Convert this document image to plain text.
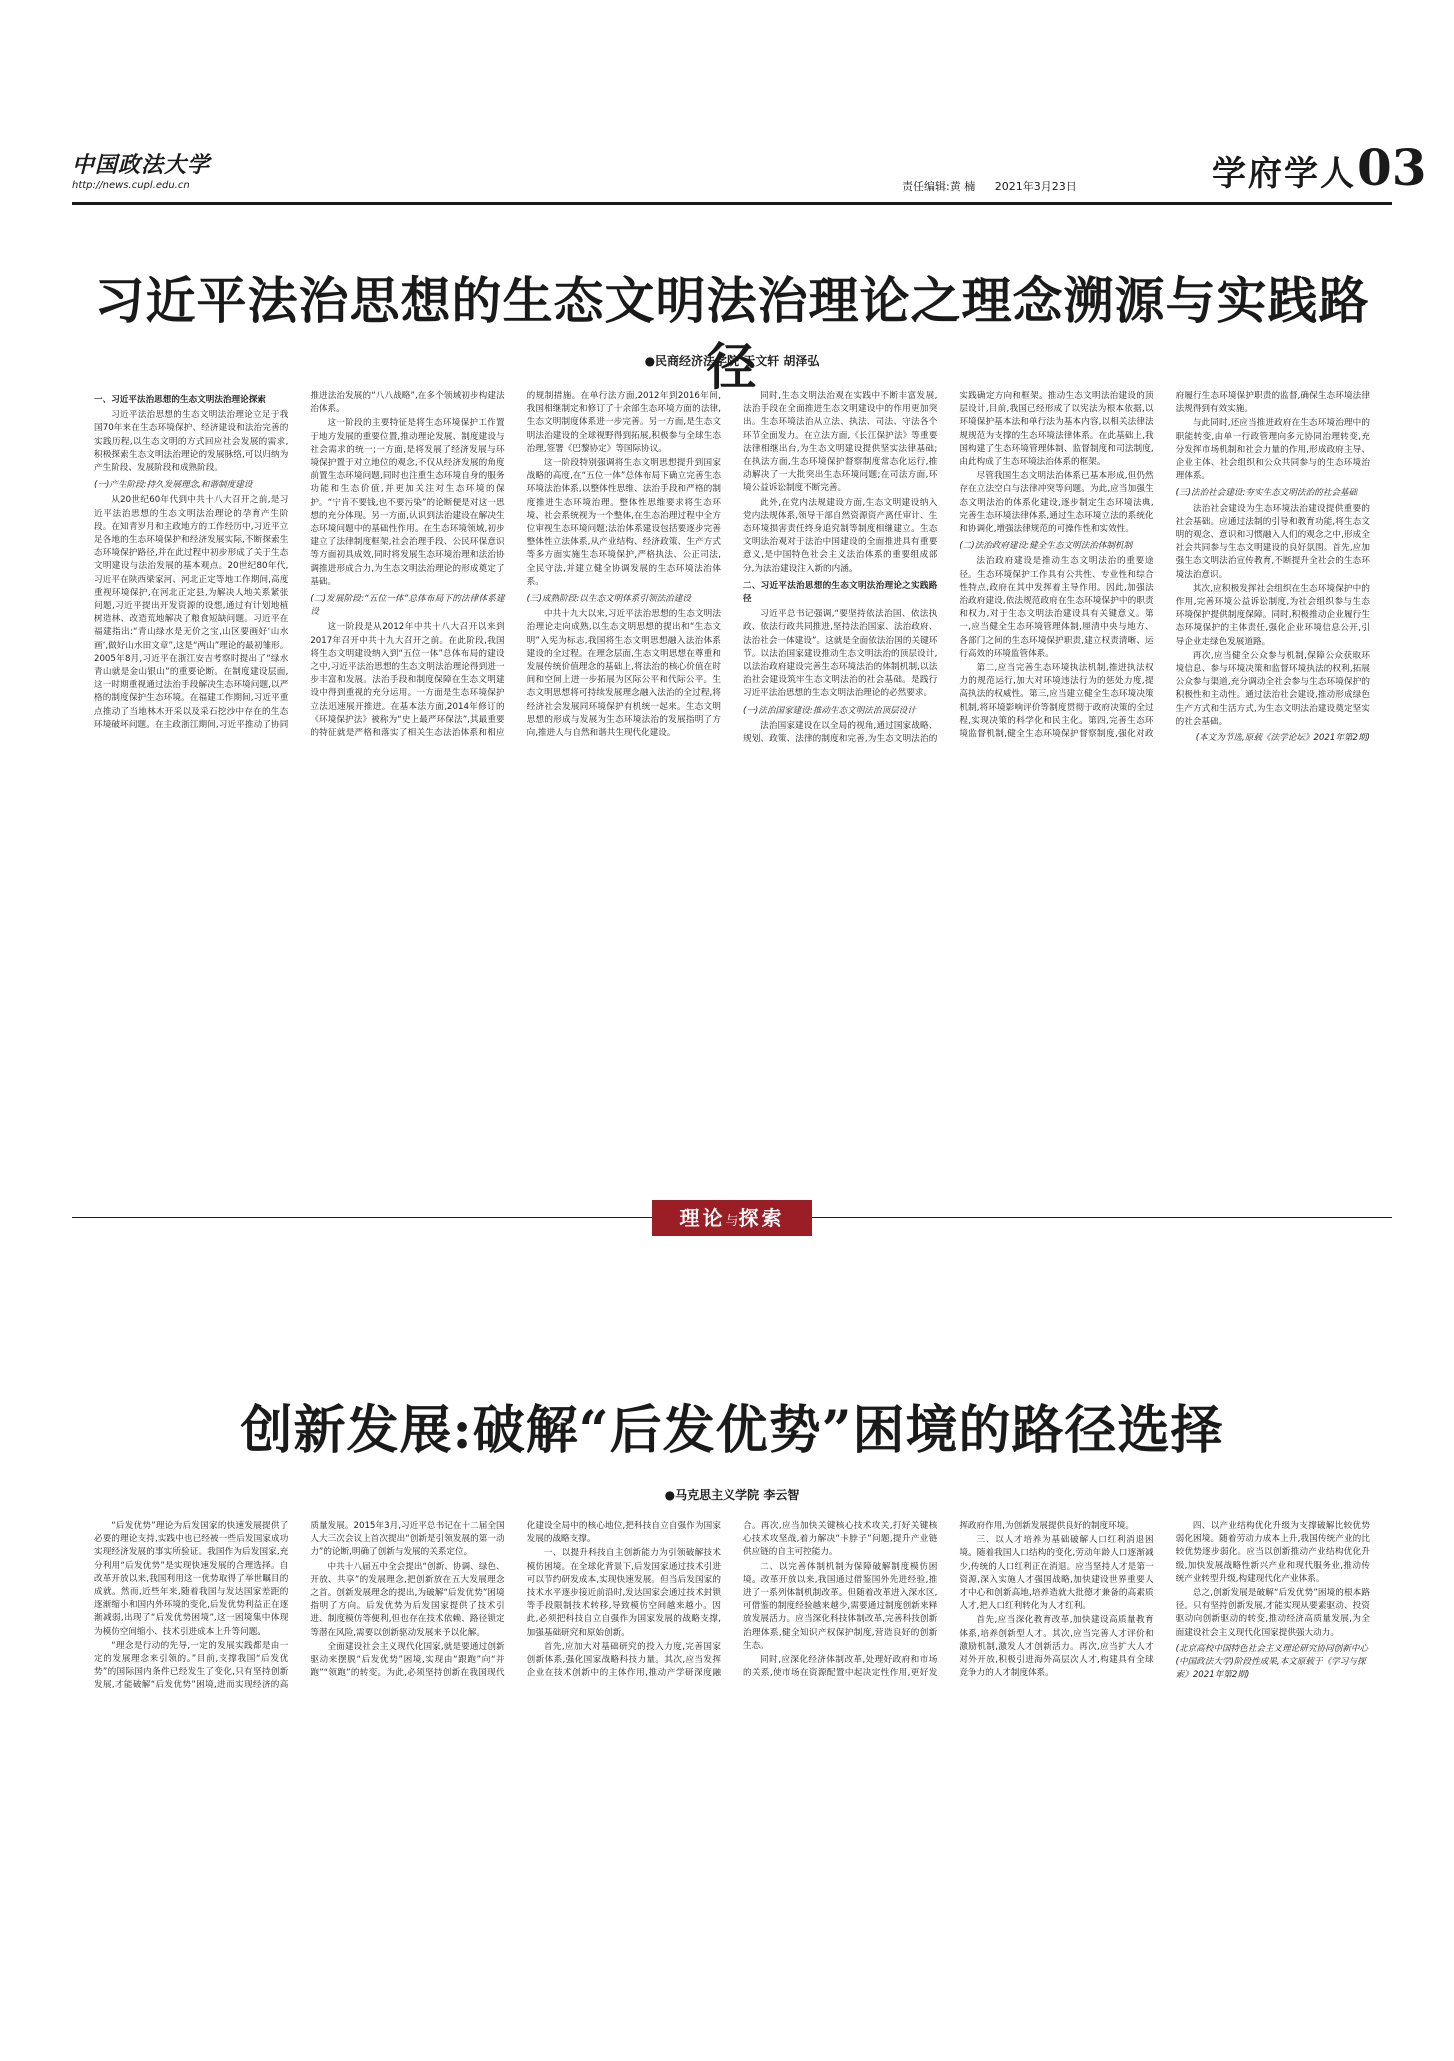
中国政法大学
http://news.cupl.edu.cn	责任编辑:黄 楠 2021年3月23日	学府学人 03
习近平法治思想的生态文明法治理论之理念溯源与实践路径
●民商经济法学院 于文轩 胡泽弘

一、习近平法治思想的生态文明法治理论探索

习近平法治思想的生态文明法治理论立足于我国70年来在生态环境保护、经济建设和法治完善的实践历程,以生态文明的方式回应社会发展的需求,积极探索生态文明法治理论的发展脉络,可以归纳为产生阶段、发展阶段和成熟阶段。

(一)产生阶段:持久发展理念,和谐制度建设

从20世纪60年代到中共十八大召开之前,是习近平法治思想的生态文明法治理论的孕育产生阶段。在知青岁月和主政地方的工作经历中,习近平立足各地的生态环境保护和经济发展实际,不断探索生态环境保护路径,并在此过程中初步形成了关于生态文明建设与法治发展的基本观点。20世纪80年代,习近平在陕西梁家河、河北正定等地工作期间,高度重视环境保护,在河北正定县,为解决人地关系紧张问题,习近平提出开发资源的设想,通过有计划地植树造林、改造荒地解决了粮食短缺问题。习近平在福建指出:“青山绿水是无价之宝,山区要画好‘山水画’,做好山水田文章”,这是“两山”理论的最初雏形。2005年8月,习近平在浙江安吉考察时提出了“绿水青山就是金山银山”的重要论断。在制度建设层面,这一时期重视通过法治手段解决生态环境问题,以严格的制度保护生态环境。在福建工作期间,习近平重点推动了当地林木开采以及采石挖沙中存在的生态环境破坏问题。在主政浙江期间,习近平推动了协同推进法治发展的“八八战略”,在多个领域初步构建法治体系。

这一阶段的主要特征是将生态环境保护工作置于地方发展的重要位置,推动理论发展、制度建设与社会需求的统一;一方面,是将发展了经济发展与环境保护置于对立地位的观念,不仅从经济发展的角度前置生态环境问题,同时也注重生态环境自身的服务功能和生态价值,并更加关注对生态环境的保护。“宁肯不要钱,也不要污染”的论断便是对这一思想的充分体现。另一方面,认识到法治建设在解决生态环境问题中的基础性作用。在生态环境领域,初步建立了法律制度框架,社会治理手段、公民环保意识等方面初具成效,同时将发展生态环境治理和法治协调推进形成合力,为生态文明法治理论的形成奠定了基础。

(二)发展阶段:“五位一体”总体布局下的法律体系建设

这一阶段是从2012年中共十八大召开以来到2017年召开中共十九大召开之前。在此阶段,我国将生态文明建设纳入到“五位一体”总体布局的建设之中,习近平法治思想的生态文明法治理论得到进一步丰富和发展。法治手段和制度保障在生态文明建设中得到重视的充分运用。一方面是生态环境保护立法迅速展开推进。在基本法方面,2014年修订的《环境保护法》被称为“史上最严环保法”,其最重要的特征就是严格和落实了相关生态法治体系和相应的规制措施。在单行法方面,2012年到2016年间,我国相继制定和修订了十余部生态环境方面的法律,生态文明制度体系进一步完善。另一方面,是生态文明法治建设的全球视野得到拓展,积极参与全球生态治理,签署《巴黎协定》等国际协议。

这一阶段特别强调将生态文明思想提升到国家战略的高度,在“五位一体”总体布局下确立完善生态环境法治体系,以整体性思维、法治手段和严格的制度推进生态环境治理。整体性思维要求将生态环境、社会系统视为一个整体,在生态治理过程中全方位审视生态环境问题;法治体系建设包括要逐步完善整体性立法体系,从产业结构、经济政策、生产方式等多方面实施生态环境保护,严格执法、公正司法,全民守法,并建立健全协调发展的生态环境法治体系。

(三)成熟阶段:以生态文明体系引领法治建设

中共十九大以来,习近平法治思想的生态文明法治理论走向成熟,以生态文明思想的提出和“生态文明”入宪为标志,我国将生态文明思想融入法治体系建设的全过程。在理念层面,生态文明思想在尊重和发展传统价值理念的基础上,将法治的核心价值在时间和空间上进一步拓展为区际公平和代际公平。生态文明思想将可持续发展理念融入法治的全过程,将经济社会发展同环境保护有机统一起来。生态文明思想的形成与发展为生态环境法治的发展指明了方向,推进人与自然和谐共生现代化建设。

同时,生态文明法治观在实践中不断丰富发展,法治手段在全面推进生态文明建设中的作用更加突出。生态环境法治从立法、执法、司法、守法各个环节全面发力。在立法方面,《长江保护法》等重要法律相继出台,为生态文明建设提供坚实法律基础;在执法方面,生态环境保护督察制度常态化运行,推动解决了一大批突出生态环境问题;在司法方面,环境公益诉讼制度不断完善。

此外,在党内法规建设方面,生态文明建设纳入党内法规体系,领导干部自然资源资产离任审计、生态环境损害责任终身追究制等制度相继建立。生态文明法治观对于法治中国建设的全面推进具有重要意义,是中国特色社会主义法治体系的重要组成部分,为法治建设注入新的内涵。

二、习近平法治思想的生态文明法治理论之实践路径

习近平总书记强调,“要坚持依法治国、依法执政、依法行政共同推进,坚持法治国家、法治政府、法治社会一体建设”。这就是全面依法治国的关键环节。以法治国家建设推动生态文明法治的顶层设计,以法治政府建设完善生态环境法治的体制机制,以法治社会建设筑牢生态文明法治的社会基础。是践行习近平法治思想的生态文明法治理论的必然要求。

(一)法治国家建设:推动生态文明法治顶层设计

法治国家建设在以全局的视角,通过国家战略、规划、政策、法律的制度和完善,为生态文明法治的实践确定方向和框架。推动生态文明法治建设的顶层设计,目前,我国已经形成了以宪法为根本依据,以环境保护基本法和单行法为基本内容,以相关法律法规规范为支撑的生态环境法律体系。在此基础上,我国构建了生态环境管理体制、监督制度和司法制度,由此构成了生态环境法治体系的框架。

尽管我国生态文明法治体系已基本形成,但仍然存在立法空白与法律冲突等问题。为此,应当加强生态文明法治的体系化建设,逐步制定生态环境法典,完善生态环境法律体系,通过生态环境立法的系统化和协调化,增强法律规范的可操作性和实效性。

(二)法治政府建设:健全生态文明法治体制机制

法治政府建设是推动生态文明法治的重要途径。生态环境保护工作具有公共性、专业性和综合性特点,政府在其中发挥着主导作用。因此,加强法治政府建设,依法规范政府在生态环境保护中的职责和权力,对于生态文明法治建设具有关键意义。第一,应当健全生态环境管理体制,厘清中央与地方、各部门之间的生态环境保护职责,建立权责清晰、运行高效的环境监管体系。

第二,应当完善生态环境执法机制,推进执法权力的规范运行,加大对环境违法行为的惩处力度,提高执法的权威性。第三,应当建立健全生态环境决策机制,将环境影响评价等制度贯彻于政府决策的全过程,实现决策的科学化和民主化。第四,完善生态环境监督机制,健全生态环境保护督察制度,强化对政府履行生态环境保护职责的监督,确保生态环境法律法规得到有效实施。

与此同时,还应当推进政府在生态环境治理中的职能转变,由单一行政管理向多元协同治理转变,充分发挥市场机制和社会力量的作用,形成政府主导、企业主体、社会组织和公众共同参与的生态环境治理体系。

(三)法治社会建设:夯实生态文明法治的社会基础

法治社会建设为生态环境法治建设提供重要的社会基础。应通过法制的引导和教育功能,将生态文明的观念、意识和习惯融入人们的观念之中,形成全社会共同参与生态文明建设的良好氛围。首先,应加强生态文明法治宣传教育,不断提升全社会的生态环境法治意识。

其次,应积极发挥社会组织在生态环境保护中的作用,完善环境公益诉讼制度,为社会组织参与生态环境保护提供制度保障。同时,积极推动企业履行生态环境保护的主体责任,强化企业环境信息公开,引导企业走绿色发展道路。

再次,应当健全公众参与机制,保障公众获取环境信息、参与环境决策和监督环境执法的权利,拓展公众参与渠道,充分调动全社会参与生态环境保护的积极性和主动性。通过法治社会建设,推动形成绿色生产方式和生活方式,为生态文明法治建设奠定坚实的社会基础。

(本文为节选,原载《法学论坛》2021年第2期)

理论与探索
创新发展:破解“后发优势”困境的路径选择
●马克思主义学院 李云智

“后发优势”理论为后发国家的快速发展提供了必要的理论支持,实践中也已经被一些后发国家成功实现经济发展的事实所验证。我国作为后发国家,充分利用“后发优势”是实现快速发展的合理选择。自改革开放以来,我国利用这一优势取得了举世瞩目的成就。然而,近些年来,随着我国与发达国家差距的逐渐缩小和国内外环境的变化,后发优势利益正在逐渐减弱,出现了“后发优势困境”,这一困境集中体现为模仿空间缩小、技术引进成本上升等问题。

“理念是行动的先导,一定的发展实践都是由一定的发展理念来引领的。”目前,支撑我国“后发优势”的国际国内条件已经发生了变化,只有坚持创新发展,才能破解“后发优势”困境,进而实现经济的高质量发展。2015年3月,习近平总书记在十二届全国人大三次会议上首次提出“创新是引领发展的第一动力”的论断,明确了创新与发展的关系定位。

中共十八届五中全会提出“创新、协调、绿色、开放、共享”的发展理念,把创新放在五大发展理念之首。创新发展理念的提出,为破解“后发优势”困境指明了方向。后发优势为后发国家提供了技术引进、制度模仿等便利,但也存在技术依赖、路径锁定等潜在风险,需要以创新驱动发展来予以化解。

全面建设社会主义现代化国家,就是要通过创新驱动来摆脱“后发优势”困境,实现由“跟跑”向“并跑”“领跑”的转变。为此,必须坚持创新在我国现代化建设全局中的核心地位,把科技自立自强作为国家发展的战略支撑。

一、以提升科技自主创新能力为引领破解技术模仿困境。在全球化背景下,后发国家通过技术引进可以节约研发成本,实现快速发展。但当后发国家的技术水平逐步接近前沿时,发达国家会通过技术封锁等手段限制技术转移,导致模仿空间越来越小。因此,必须把科技自立自强作为国家发展的战略支撑,加强基础研究和原始创新。

首先,应加大对基础研究的投入力度,完善国家创新体系,强化国家战略科技力量。其次,应当发挥企业在技术创新中的主体作用,推动产学研深度融合。再次,应当加快关键核心技术攻关,打好关键核心技术攻坚战,着力解决“卡脖子”问题,提升产业链供应链的自主可控能力。

二、以完善体制机制为保障破解制度模仿困境。改革开放以来,我国通过借鉴国外先进经验,推进了一系列体制机制改革。但随着改革进入深水区,可借鉴的制度经验越来越少,需要通过制度创新来释放发展活力。应当深化科技体制改革,完善科技创新治理体系,健全知识产权保护制度,营造良好的创新生态。

同时,应深化经济体制改革,处理好政府和市场的关系,使市场在资源配置中起决定性作用,更好发挥政府作用,为创新发展提供良好的制度环境。

三、以人才培养为基础破解人口红利消退困境。随着我国人口结构的变化,劳动年龄人口逐渐减少,传统的人口红利正在消退。应当坚持人才是第一资源,深入实施人才强国战略,加快建设世界重要人才中心和创新高地,培养造就大批德才兼备的高素质人才,把人口红利转化为人才红利。

首先,应当深化教育改革,加快建设高质量教育体系,培养创新型人才。其次,应当完善人才评价和激励机制,激发人才创新活力。再次,应当扩大人才对外开放,积极引进海外高层次人才,构建具有全球竞争力的人才制度体系。

四、以产业结构优化升级为支撑破解比较优势弱化困境。随着劳动力成本上升,我国传统产业的比较优势逐步弱化。应当以创新推动产业结构优化升级,加快发展战略性新兴产业和现代服务业,推动传统产业转型升级,构建现代化产业体系。

总之,创新发展是破解“后发优势”困境的根本路径。只有坚持创新发展,才能实现从要素驱动、投资驱动向创新驱动的转变,推动经济高质量发展,为全面建设社会主义现代化国家提供强大动力。

(北京高校中国特色社会主义理论研究协同创新中心(中国政法大学)阶段性成果,本文原载于《学习与探索》2021年第2期)
